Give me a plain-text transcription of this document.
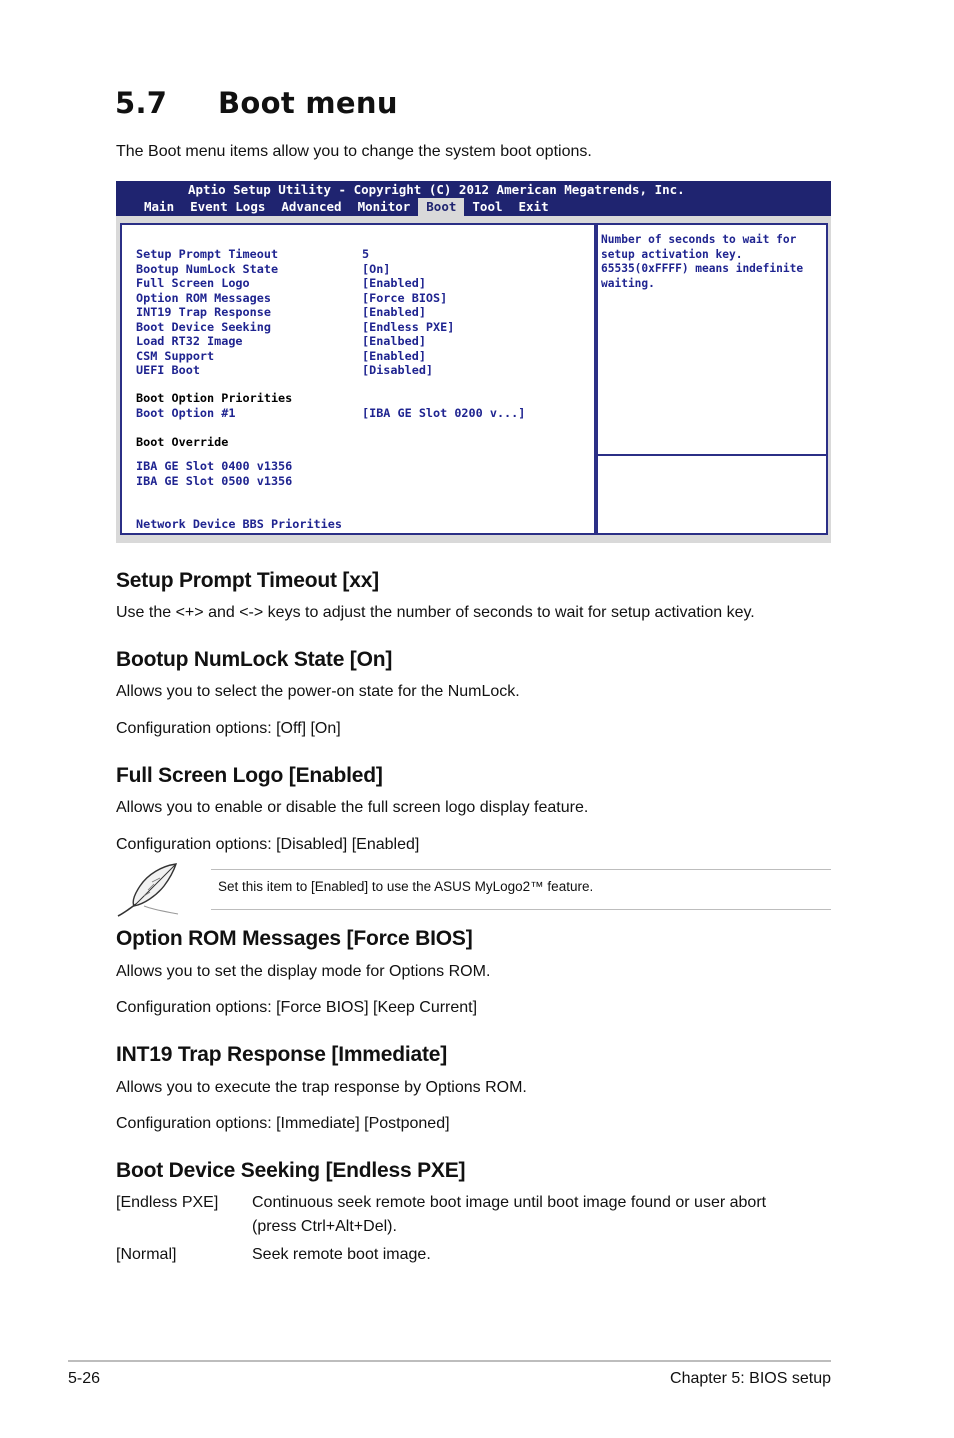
5.7 Boot menu
The Boot menu items allow you to change the system boot options.
Aptio Setup Utility - Copyright (C) 2012 American Megatrends, Inc.
Main	Event Logs	Advanced	Monitor	Boot	Tool	Exit
Setup Prompt Timeout	5
Bootup NumLock State	[On]
Full Screen Logo	[Enabled]
Option ROM Messages	[Force BIOS]
INT19 Trap Response	[Enabled]
Boot Device Seeking	[Endless PXE]
Load RT32 Image	[Enalbed]
CSM Support	[Enabled]
UEFI Boot	[Disabled]
Boot Option Priorities
Boot Option #1	[IBA GE Slot 0200 v...]
Boot Override
IBA GE Slot 0400 v1356
IBA GE Slot 0500 v1356
Network Device BBS Priorities
Number of seconds to wait for setup activation key. 65535(0xFFFF) means indefinite waiting.
Setup Prompt Timeout [xx]
Use the <+> and <-> keys to adjust the number of seconds to wait for setup activation key.
Bootup NumLock State [On]
Allows you to select the power-on state for the NumLock.
Configuration options: [Off] [On]
Full Screen Logo [Enabled]
Allows you to enable or disable the full screen logo display feature.
Configuration options: [Disabled] [Enabled]
Set this item to [Enabled] to use the ASUS MyLogo2™ feature.
Option ROM Messages [Force BIOS]
Allows you to set the display mode for Options ROM.
Configuration options: [Force BIOS] [Keep Current]
INT19 Trap Response [Immediate]
Allows you to execute the trap response by Options ROM.
Configuration options: [Immediate] [Postponed]
Boot Device Seeking [Endless PXE]
[Endless PXE] Continuous seek remote boot image until boot image found or user abort
(press Ctrl+Alt+Del).
[Normal]	Seek remote boot image.
5-26	Chapter 5: BIOS setup
